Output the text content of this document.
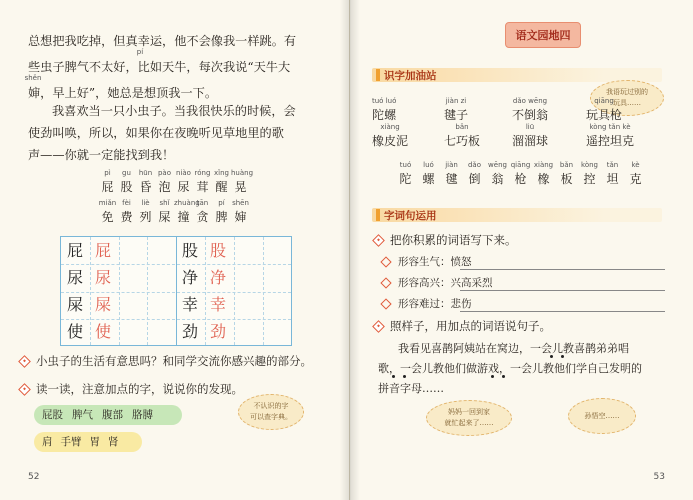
总想把我吃掉，但真幸运，他不会像我一样跳。有
些虫子脾气不太好，比如天牛，每次我说“天牛大
pí
shěn
婶，早上好”，她总是想顶我一下。
我喜欢当一只小虫子。当我很快乐的时候，会
使劲叫唤，所以，如果你在夜晚听见草地里的歌
声——你就一定能找到我！
pì
屁
gu
股
hūn
昏
pào
泡
niào
尿
róng
茸
xǐng
醒
huàng
晃
miǎn
免
fèi
费
liè
列
shǐ
屎
zhuàng
撞
tān
贪
pí
脾
shēn
婶
屁 屁
尿 尿
屎 屎
使 使
股 股
净 净
幸 幸
劲 劲
小虫子的生活有意思吗？和同学交流你感兴趣的部分。
读一读，注意加点的字，说说你的发现。
屁股 脾气 腹部 胳膊
肩 手臂 胃 肾
不认识的字
可以查字典。
52
语文园地四
识字加油站
我语玩过别的
玩具……
tuó luó
陀螺
jiàn zi
毽子
dǎo wēng
不倒翁
qiāng
玩具枪
xiàng
橡皮泥
bǎn
七巧板
liū
溜溜球
kòng tǎn kè
遥控坦克
tuó
陀
luó
螺
jiàn
毽
dǎo
倒
wēng
翁
qiāng
枪
xiàng
橡
bǎn
板
kòng
控
tǎn
坦
kè
克
字词句运用
把你积累的词语写下来。
形容生气：愤怒
形容高兴：兴高采烈
形容难过：悲伤
照样子，用加点的词语说句子。
我看见喜鹊阿姨站在窝边，一会儿教喜鹊弟弟唱
歌，一会儿教他们做游戏，一会儿教他们学自己发明的
拼音字母……
妈妈一回到家
就忙起来了……
孙悟空……
53
